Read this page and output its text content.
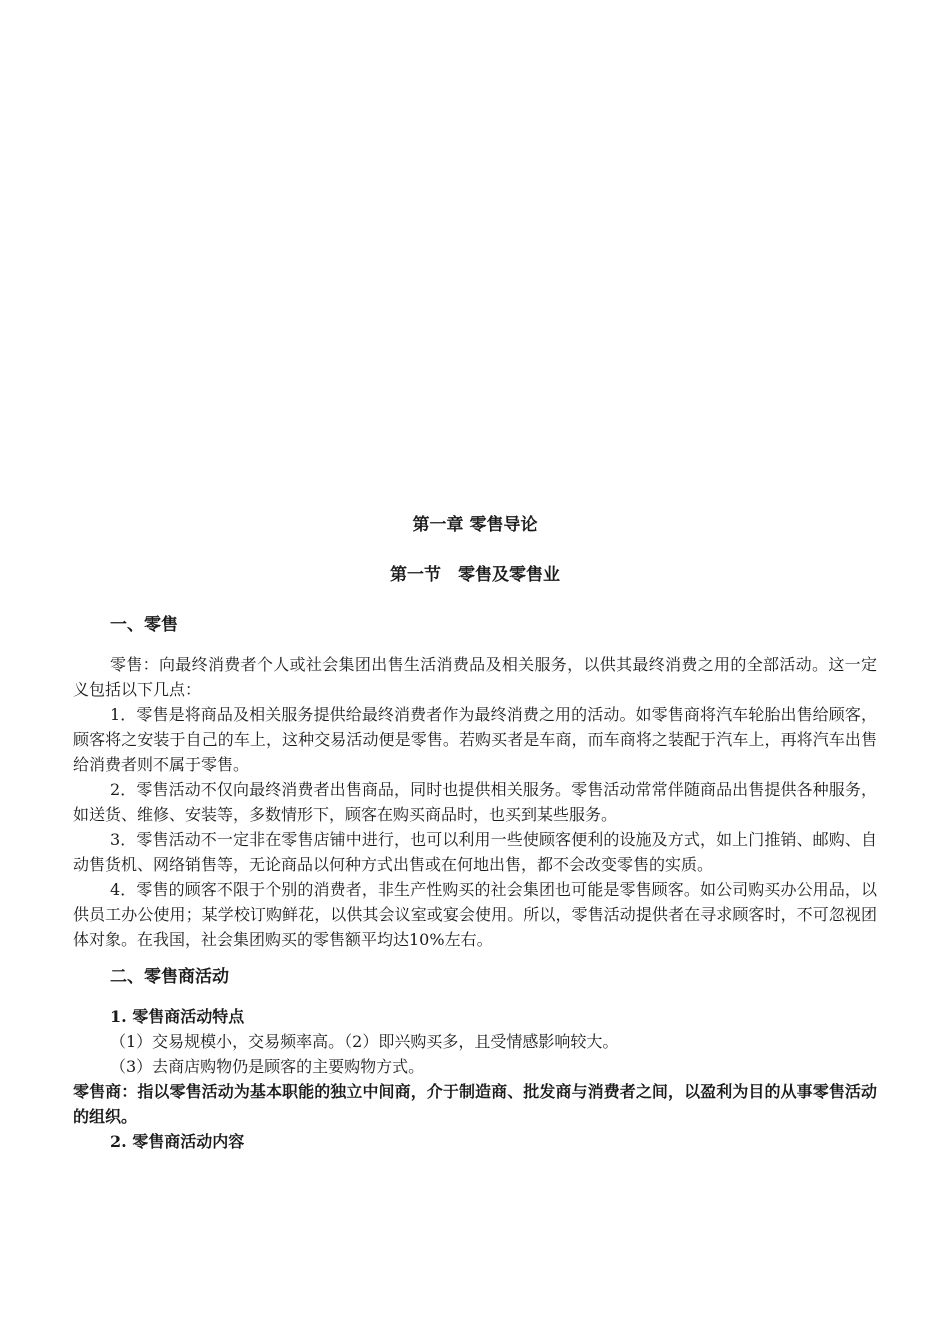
第一章 零售导论
第一节　零售及零售业
一、零售

零售：向最终消费者个人或社会集团出售生活消费品及相关服务，以供其最终消费之用的全部活动。这一定义包括以下几点：

1．零售是将商品及相关服务提供给最终消费者作为最终消费之用的活动。如零售商将汽车轮胎出售给顾客，顾客将之安装于自己的车上，这种交易活动便是零售。若购买者是车商，而车商将之装配于汽车上，再将汽车出售给消费者则不属于零售。

2．零售活动不仅向最终消费者出售商品，同时也提供相关服务。零售活动常常伴随商品出售提供各种服务，如送货、维修、安装等，多数情形下，顾客在购买商品时，也买到某些服务。

3．零售活动不一定非在零售店铺中进行，也可以利用一些使顾客便利的设施及方式，如上门推销、邮购、自动售货机、网络销售等，无论商品以何种方式出售或在何地出售，都不会改变零售的实质。

4．零售的顾客不限于个别的消费者，非生产性购买的社会集团也可能是零售顾客。如公司购买办公用品，以供员工办公使用；某学校订购鲜花，以供其会议室或宴会使用。所以，零售活动提供者在寻求顾客时，不可忽视团体对象。在我国，社会集团购买的零售额平均达10%左右。

二、零售商活动

1. 零售商活动特点

（1）交易规模小，交易频率高。（2）即兴购买多，且受情感影响较大。

（3）去商店购物仍是顾客的主要购物方式。

零售商：指以零售活动为基本职能的独立中间商，介于制造商、批发商与消费者之间，以盈利为目的从事零售活动的组织。

2. 零售商活动内容
